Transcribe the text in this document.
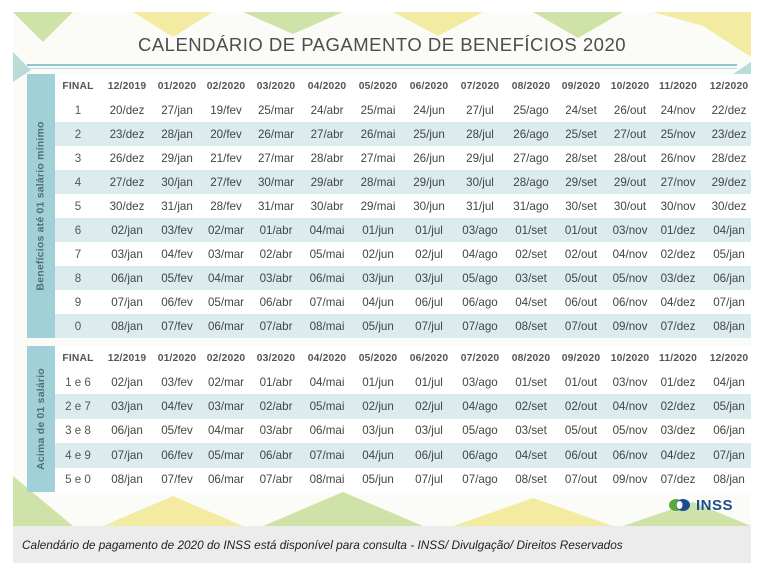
CALENDÁRIO DE PAGAMENTO DE BENEFÍCIOS 2020
Benefícios até 01 salário mínimo
FINAL	12/2019	01/2020	02/2020	03/2020	04/2020	05/2020	06/2020	07/2020	08/2020	09/2020	10/2020	11/2020	12/2020
1	20/dez	27/jan	19/fev	25/mar	24/abr	25/mai	24/jun	27/jul	25/ago	24/set	26/out	24/nov	22/dez
2	23/dez	28/jan	20/fev	26/mar	27/abr	26/mai	25/jun	28/jul	26/ago	25/set	27/out	25/nov	23/dez
3	26/dez	29/jan	21/fev	27/mar	28/abr	27/mai	26/jun	29/jul	27/ago	28/set	28/out	26/nov	28/dez
4	27/dez	30/jan	27/fev	30/mar	29/abr	28/mai	29/jun	30/jul	28/ago	29/set	29/out	27/nov	29/dez
5	30/dez	31/jan	28/fev	31/mar	30/abr	29/mai	30/jun	31/jul	31/ago	30/set	30/out	30/nov	30/dez
6	02/jan	03/fev	02/mar	01/abr	04/mai	01/jun	01/jul	03/ago	01/set	01/out	03/nov	01/dez	04/jan
7	03/jan	04/fev	03/mar	02/abr	05/mai	02/jun	02/jul	04/ago	02/set	02/out	04/nov	02/dez	05/jan
8	06/jan	05/fev	04/mar	03/abr	06/mai	03/jun	03/jul	05/ago	03/set	05/out	05/nov	03/dez	06/jan
9	07/jan	06/fev	05/mar	06/abr	07/mai	04/jun	06/jul	06/ago	04/set	06/out	06/nov	04/dez	07/jan
0	08/jan	07/fev	06/mar	07/abr	08/mai	05/jun	07/jul	07/ago	08/set	07/out	09/nov	07/dez	08/jan
Acima de 01 salário
FINAL	12/2019	01/2020	02/2020	03/2020	04/2020	05/2020	06/2020	07/2020	08/2020	09/2020	10/2020	11/2020	12/2020
1 e 6	02/jan	03/fev	02/mar	01/abr	04/mai	01/jun	01/jul	03/ago	01/set	01/out	03/nov	01/dez	04/jan
2 e 7	03/jan	04/fev	03/mar	02/abr	05/mai	02/jun	02/jul	04/ago	02/set	02/out	04/nov	02/dez	05/jan
3 e 8	06/jan	05/fev	04/mar	03/abr	06/mai	03/jun	03/jul	05/ago	03/set	05/out	05/nov	03/dez	06/jan
4 e 9	07/jan	06/fev	05/mar	06/abr	07/mai	04/jun	06/jul	06/ago	04/set	06/out	06/nov	04/dez	07/jan
5 e 0	08/jan	07/fev	06/mar	07/abr	08/mai	05/jun	07/jul	07/ago	08/set	07/out	09/nov	07/dez	08/jan
INSS
Calendário de pagamento de 2020 do INSS está disponível para consulta - INSS/ Divulgação/ Direitos Reservados
